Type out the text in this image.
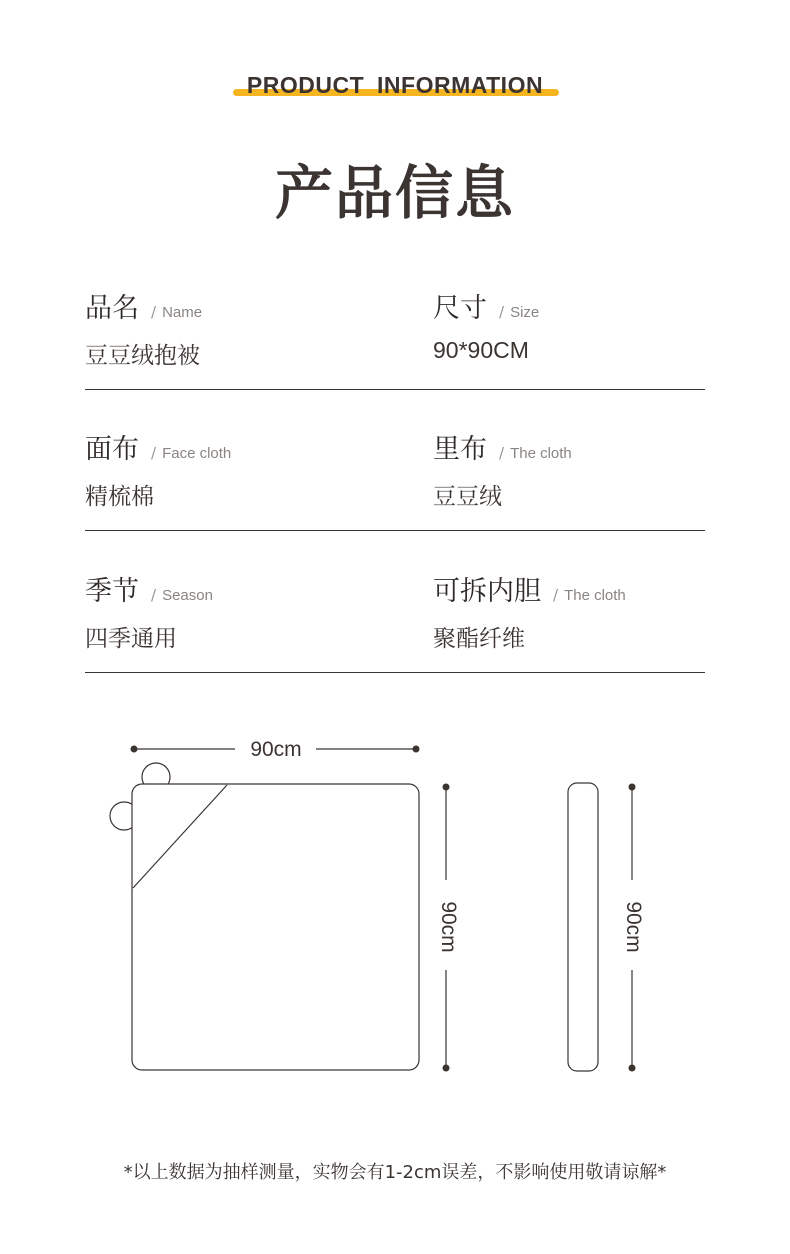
PRODUCT INFORMATION
产品信息
品名 / Name
豆豆绒抱被
尺寸 / Size
90*90CM
面布 / Face cloth
精梳棉
里布 / The cloth
豆豆绒
季节 / Season
四季通用
可拆内胆 / The cloth
聚酯纤维
90cm
90cm	90cm
*以上数据为抽样测量，实物会有1-2cm误差，不影响使用敬请谅解*
